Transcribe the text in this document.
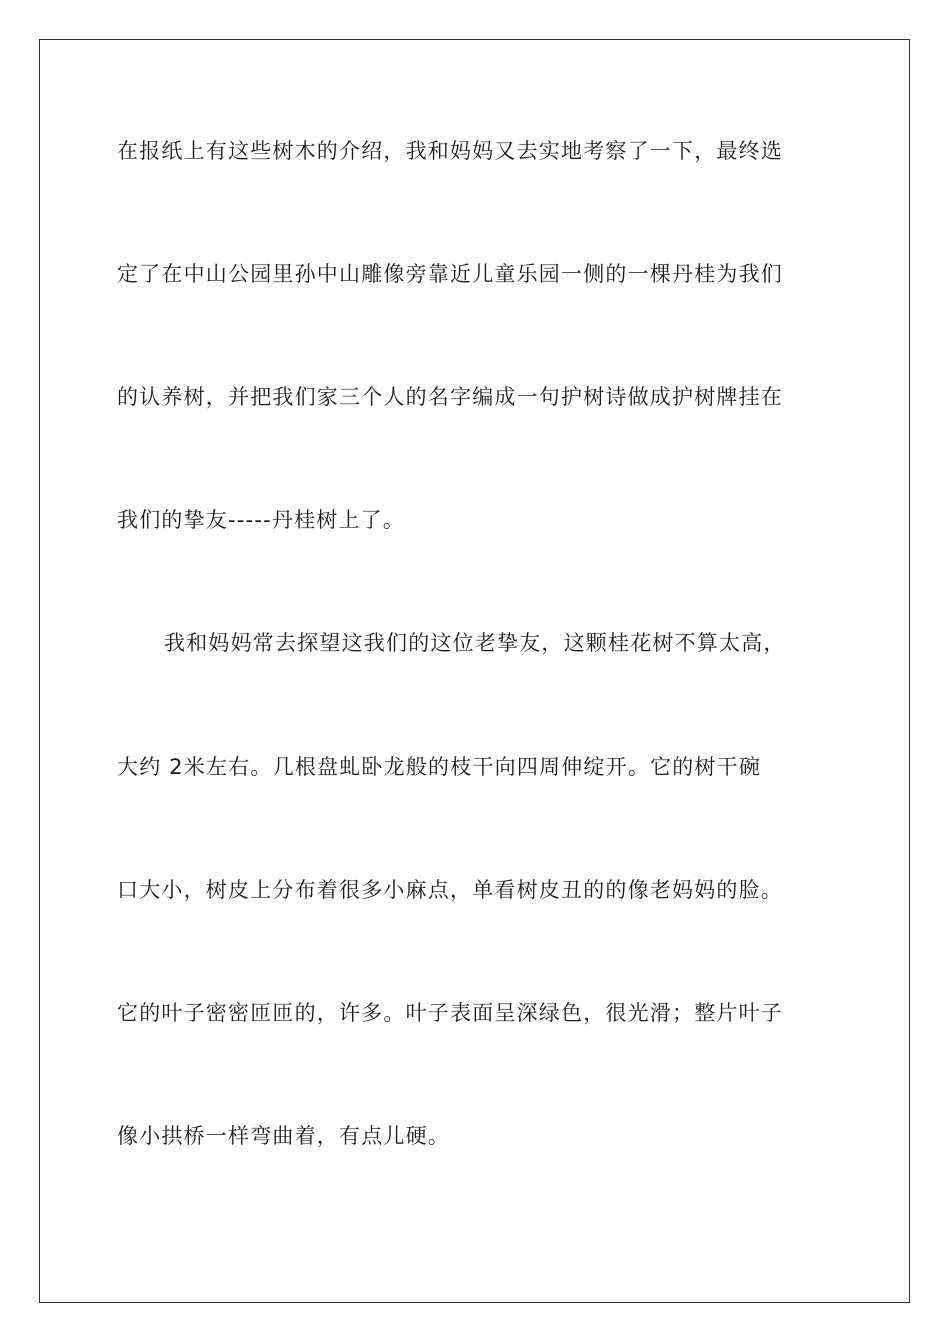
在报纸上有这些树木的介绍，我和妈妈又去实地考察了一下，最终选
定了在中山公园里孙中山雕像旁靠近儿童乐园一侧的一棵丹桂为我们
的认养树，并把我们家三个人的名字编成一句护树诗做成护树牌挂在
我们的挚友-----丹桂树上了。
我和妈妈常去探望这我们的这位老挚友，这颗桂花树不算太高，
大约 2米左右。几根盘虬卧龙般的枝干向四周伸绽开。它的树干碗
口大小，树皮上分布着很多小麻点，单看树皮丑的的像老妈妈的脸。
它的叶子密密匝匝的，许多。叶子表面呈深绿色，很光滑；整片叶子
像小拱桥一样弯曲着，有点儿硬。
